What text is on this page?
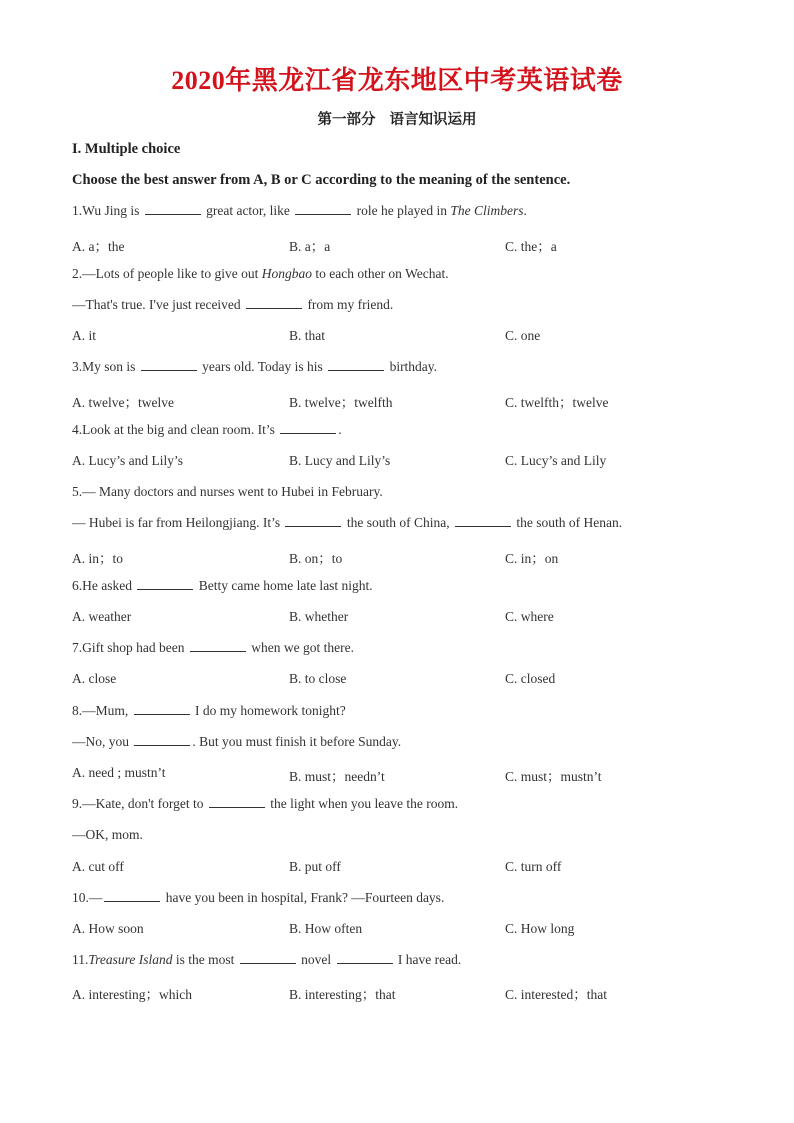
2020年黑龙江省龙东地区中考英语试卷
第一部分 语言知识运用
I. Multiple choice
Choose the best answer from A, B or C according to the meaning of the sentence.
1.Wu Jing is	great actor, like	role he played in The Climbers.
A. a；the	B. a；a	C. the；a
2.—Lots of people like to give out Hongbao to each other on Wechat.
—That's true. I've just received	from my friend.
A. it	B. that	C. one
3.My son is	years old. Today is his	birthday.
A. twelve；twelve	B. twelve；twelfth	C. twelfth；twelve
4.Look at the big and clean room. It’s	.
A. Lucy’s and Lily’s	B. Lucy and Lily’s	C. Lucy’s and Lily
5.— Many doctors and nurses went to Hubei in February.
— Hubei is far from Heilongjiang. It’s	the south of China,	the south of Henan.
A. in；to	B. on；to	C. in；on
6.He asked	Betty came home late last night.
A. weather	B. whether	C. where
7.Gift shop had been	when we got there.
A. close	B. to close	C. closed
8.—Mum,	I do my homework tonight?
—No, you	. But you must finish it before Sunday.
A. need ; mustn’t	B. must；needn’t	C. must；mustn’t
9.—Kate, don't forget to	the light when you leave the room.
—OK, mom.
A. cut off	B. put off	C. turn off
10.—	have you been in hospital, Frank? —Fourteen days.
A. How soon	B. How often	C. How long
11.Treasure Island is the most	novel	I have read.
A. interesting；which	B. interesting；that	C. interested；that
